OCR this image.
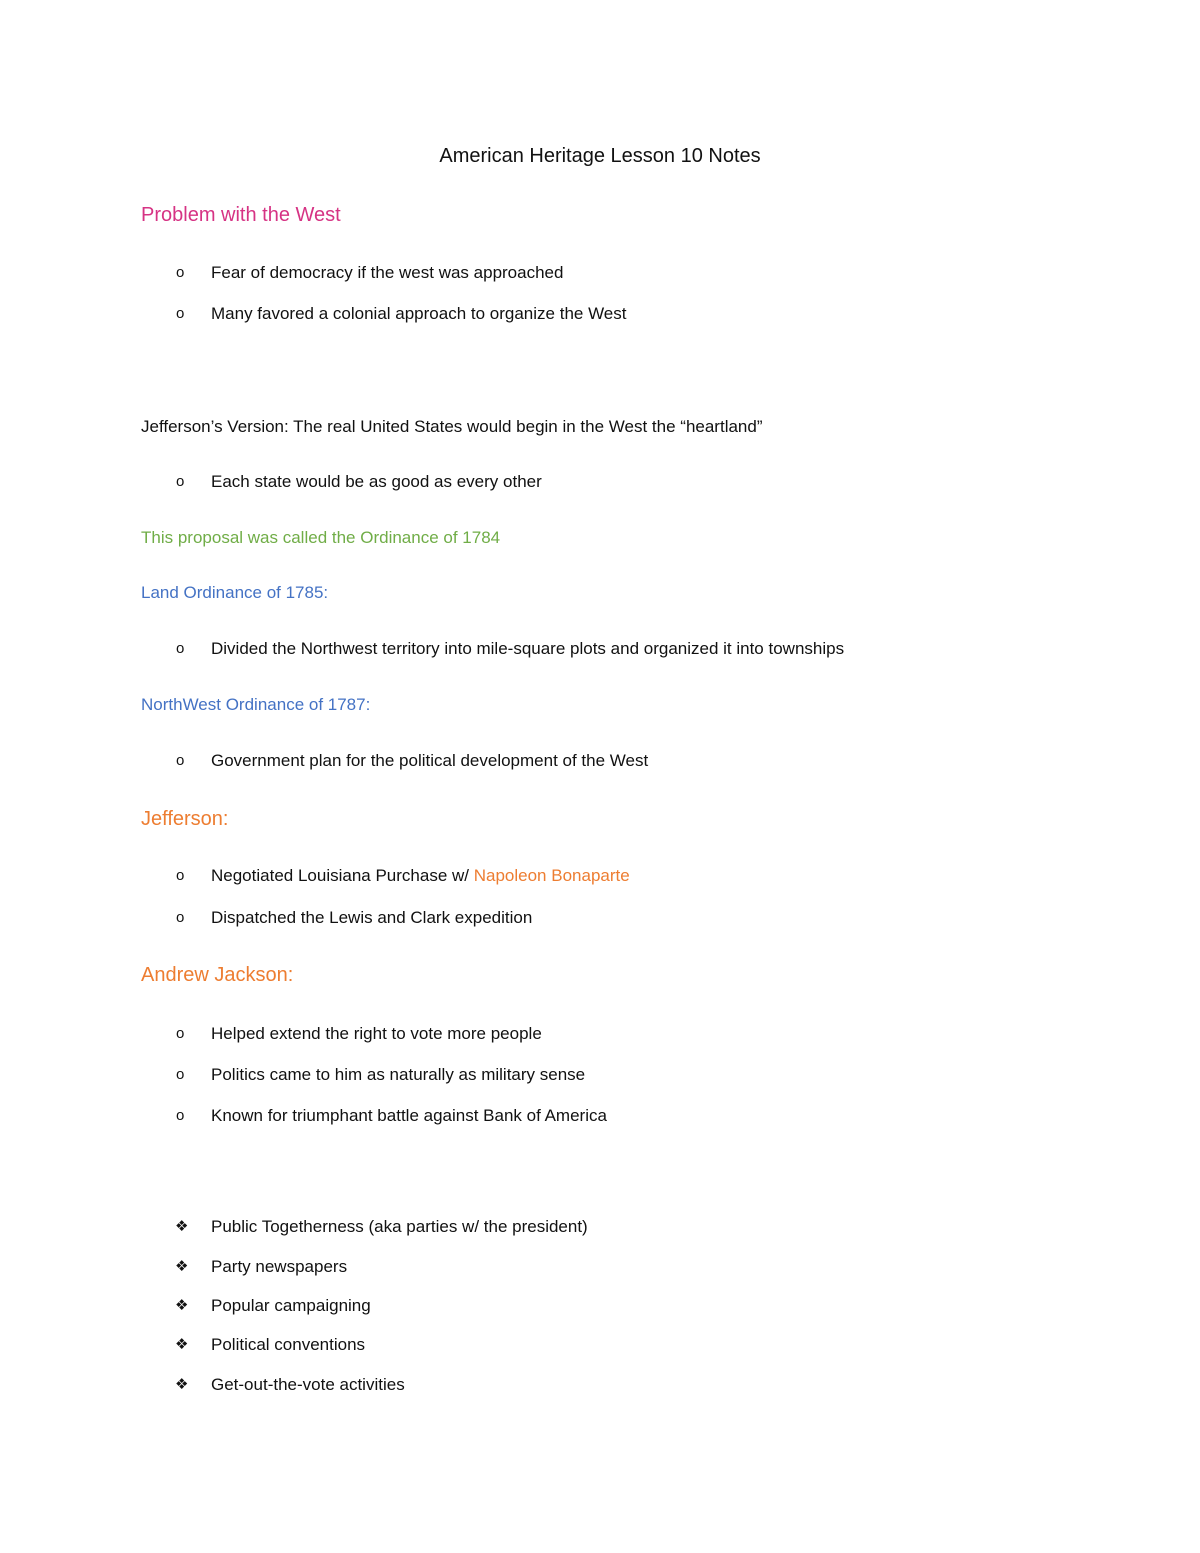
American Heritage Lesson 10 Notes
Problem with the West
o Fear of democracy if the west was approached
o Many favored a colonial approach to organize the West
Jefferson’s Version: The real United States would begin in the West the “heartland”
o Each state would be as good as every other
This proposal was called the Ordinance of 1784
Land Ordinance of 1785:
o Divided the Northwest territory into mile-square plots and organized it into townships
NorthWest Ordinance of 1787:
o Government plan for the political development of the West
Jefferson:
o Negotiated Louisiana Purchase w/ Napoleon Bonaparte
o Dispatched the Lewis and Clark expedition
Andrew Jackson:
o Helped extend the right to vote more people
o Politics came to him as naturally as military sense
o Known for triumphant battle against Bank of America
❖ Public Togetherness (aka parties w/ the president)
❖ Party newspapers
❖ Popular campaigning
❖ Political conventions
❖ Get-out-the-vote activities
